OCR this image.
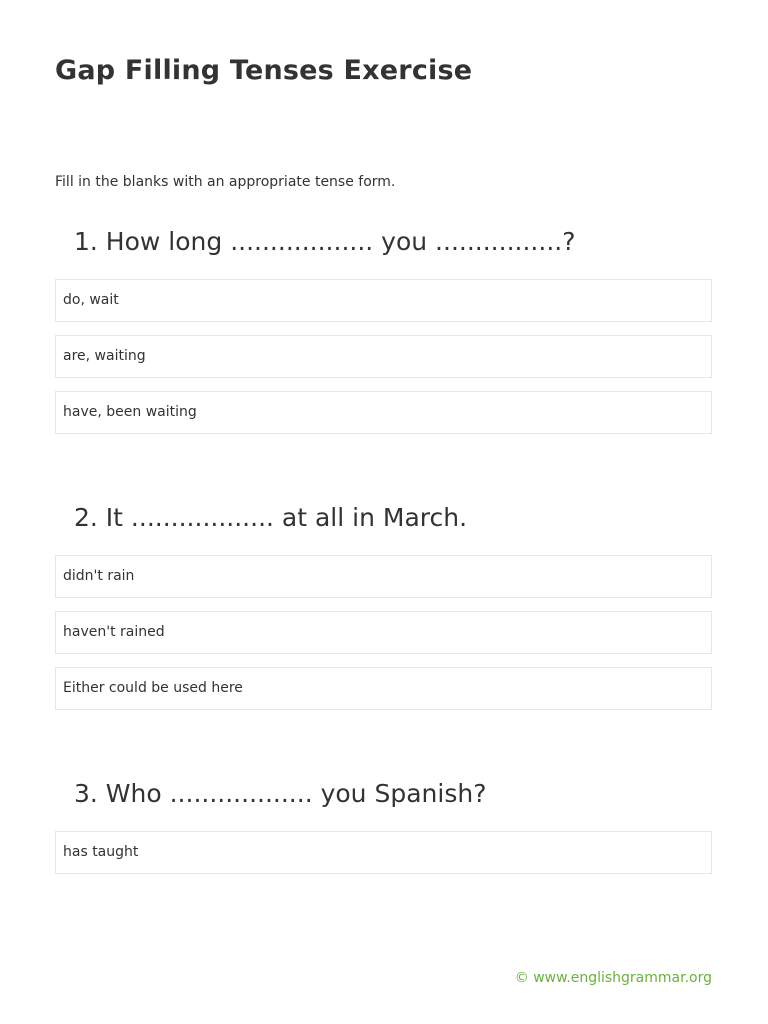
Gap Filling Tenses Exercise

Fill in the blanks with an appropriate tense form.

1. How long .................. you ................?
do, wait
are, waiting
have, been waiting
2. It .................. at all in March.
didn't rain
haven't rained
Either could be used here
3. Who .................. you Spanish?
has taught

© www.englishgrammar.org
